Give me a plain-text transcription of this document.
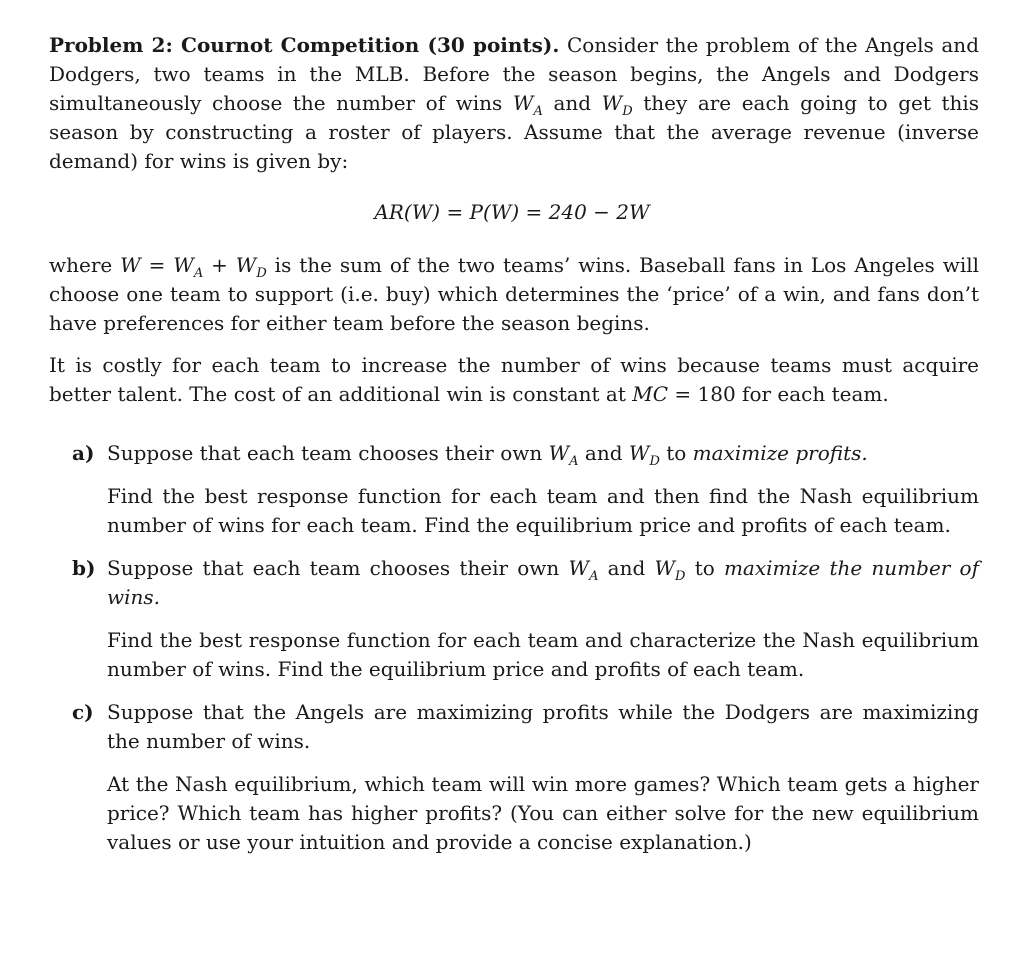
Problem 2: Cournot Competition (30 points). Consider the problem of the Angels and Dodgers, two teams in the MLB. Before the season begins, the Angels and Dodgers simultaneously choose the number of wins $W_A$ and $W_D$ they are each going to get this season by constructing a roster of players. Assume that the average revenue (inverse demand) for wins is given by:

AR(W) = P(W) = 240 − 2W

where $W = W_A + W_D$ is the sum of the two teams’ wins. Baseball fans in Los Angeles will choose one team to support (i.e. buy) which determines the ‘price’ of a win, and fans don’t have preferences for either team before the season begins.

It is costly for each team to increase the number of wins because teams must acquire better talent. The cost of an additional win is constant at MC = 180 for each team.

a) Suppose that each team chooses their own $W_A$ and $W_D$ to maximize profits.

Find the best response function for each team and then find the Nash equilibrium number of wins for each team. Find the equilibrium price and profits of each team.

b) Suppose that each team chooses their own $W_A$ and $W_D$ to maximize the number of wins.

Find the best response function for each team and characterize the Nash equilibrium number of wins. Find the equilibrium price and profits of each team.

c) Suppose that the Angels are maximizing profits while the Dodgers are maximizing the number of wins.

At the Nash equilibrium, which team will win more games? Which team gets a higher price? Which team has higher profits? (You can either solve for the new equilibrium values or use your intuition and provide a concise explanation.)
